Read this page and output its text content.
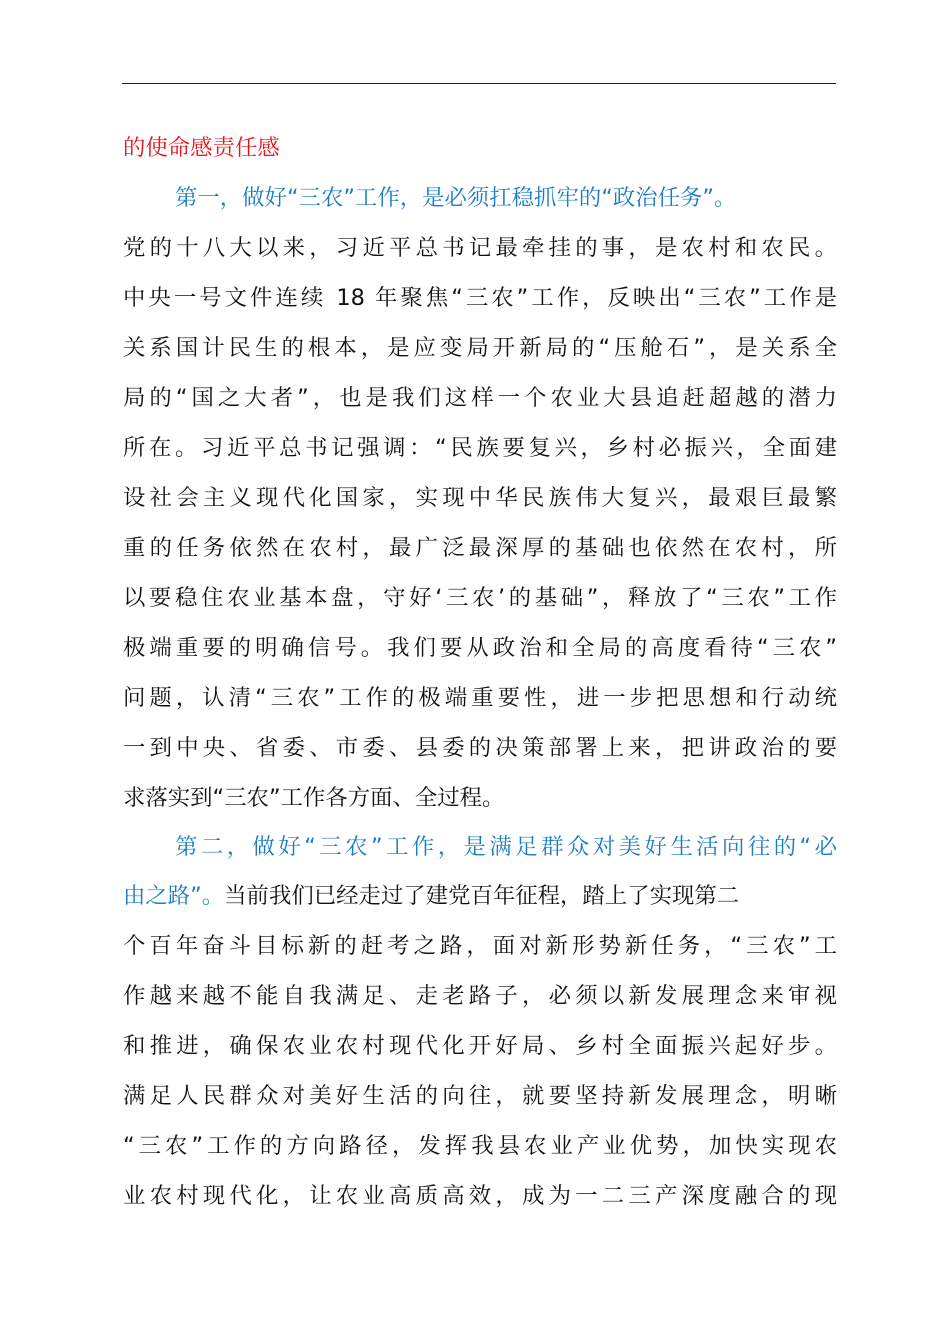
的使命感责任感
第一，做好“三农”工作，是必须扛稳抓牢的“政治任务”。
党的十八大以来，习近平总书记最牵挂的事，是农村和农民。
中央一号文件连续 18 年聚焦“三农”工作，反映出“三农”工作是
关系国计民生的根本，是应变局开新局的“压舱石”，是关系全
局的“国之大者”，也是我们这样一个农业大县追赶超越的潜力
所在。习近平总书记强调：“民族要复兴，乡村必振兴，全面建
设社会主义现代化国家，实现中华民族伟大复兴，最艰巨最繁
重的任务依然在农村，最广泛最深厚的基础也依然在农村，所
以要稳住农业基本盘，守好‘三农’的基础”，释放了“三农”工作
极端重要的明确信号。我们要从政治和全局的高度看待“三农”
问题，认清“三农”工作的极端重要性，进一步把思想和行动统
一到中央、省委、市委、县委的决策部署上来，把讲政治的要
求落实到“三农”工作各方面、全过程。
第二，做好“三农”工作，是满足群众对美好生活向往的“必
由之路”。当前我们已经走过了建党百年征程，踏上了实现第二
个百年奋斗目标新的赶考之路，面对新形势新任务，“三农”工
作越来越不能自我满足、走老路子，必须以新发展理念来审视
和推进，确保农业农村现代化开好局、乡村全面振兴起好步。
满足人民群众对美好生活的向往，就要坚持新发展理念，明晰
“三农”工作的方向路径，发挥我县农业产业优势，加快实现农
业农村现代化，让农业高质高效，成为一二三产深度融合的现
